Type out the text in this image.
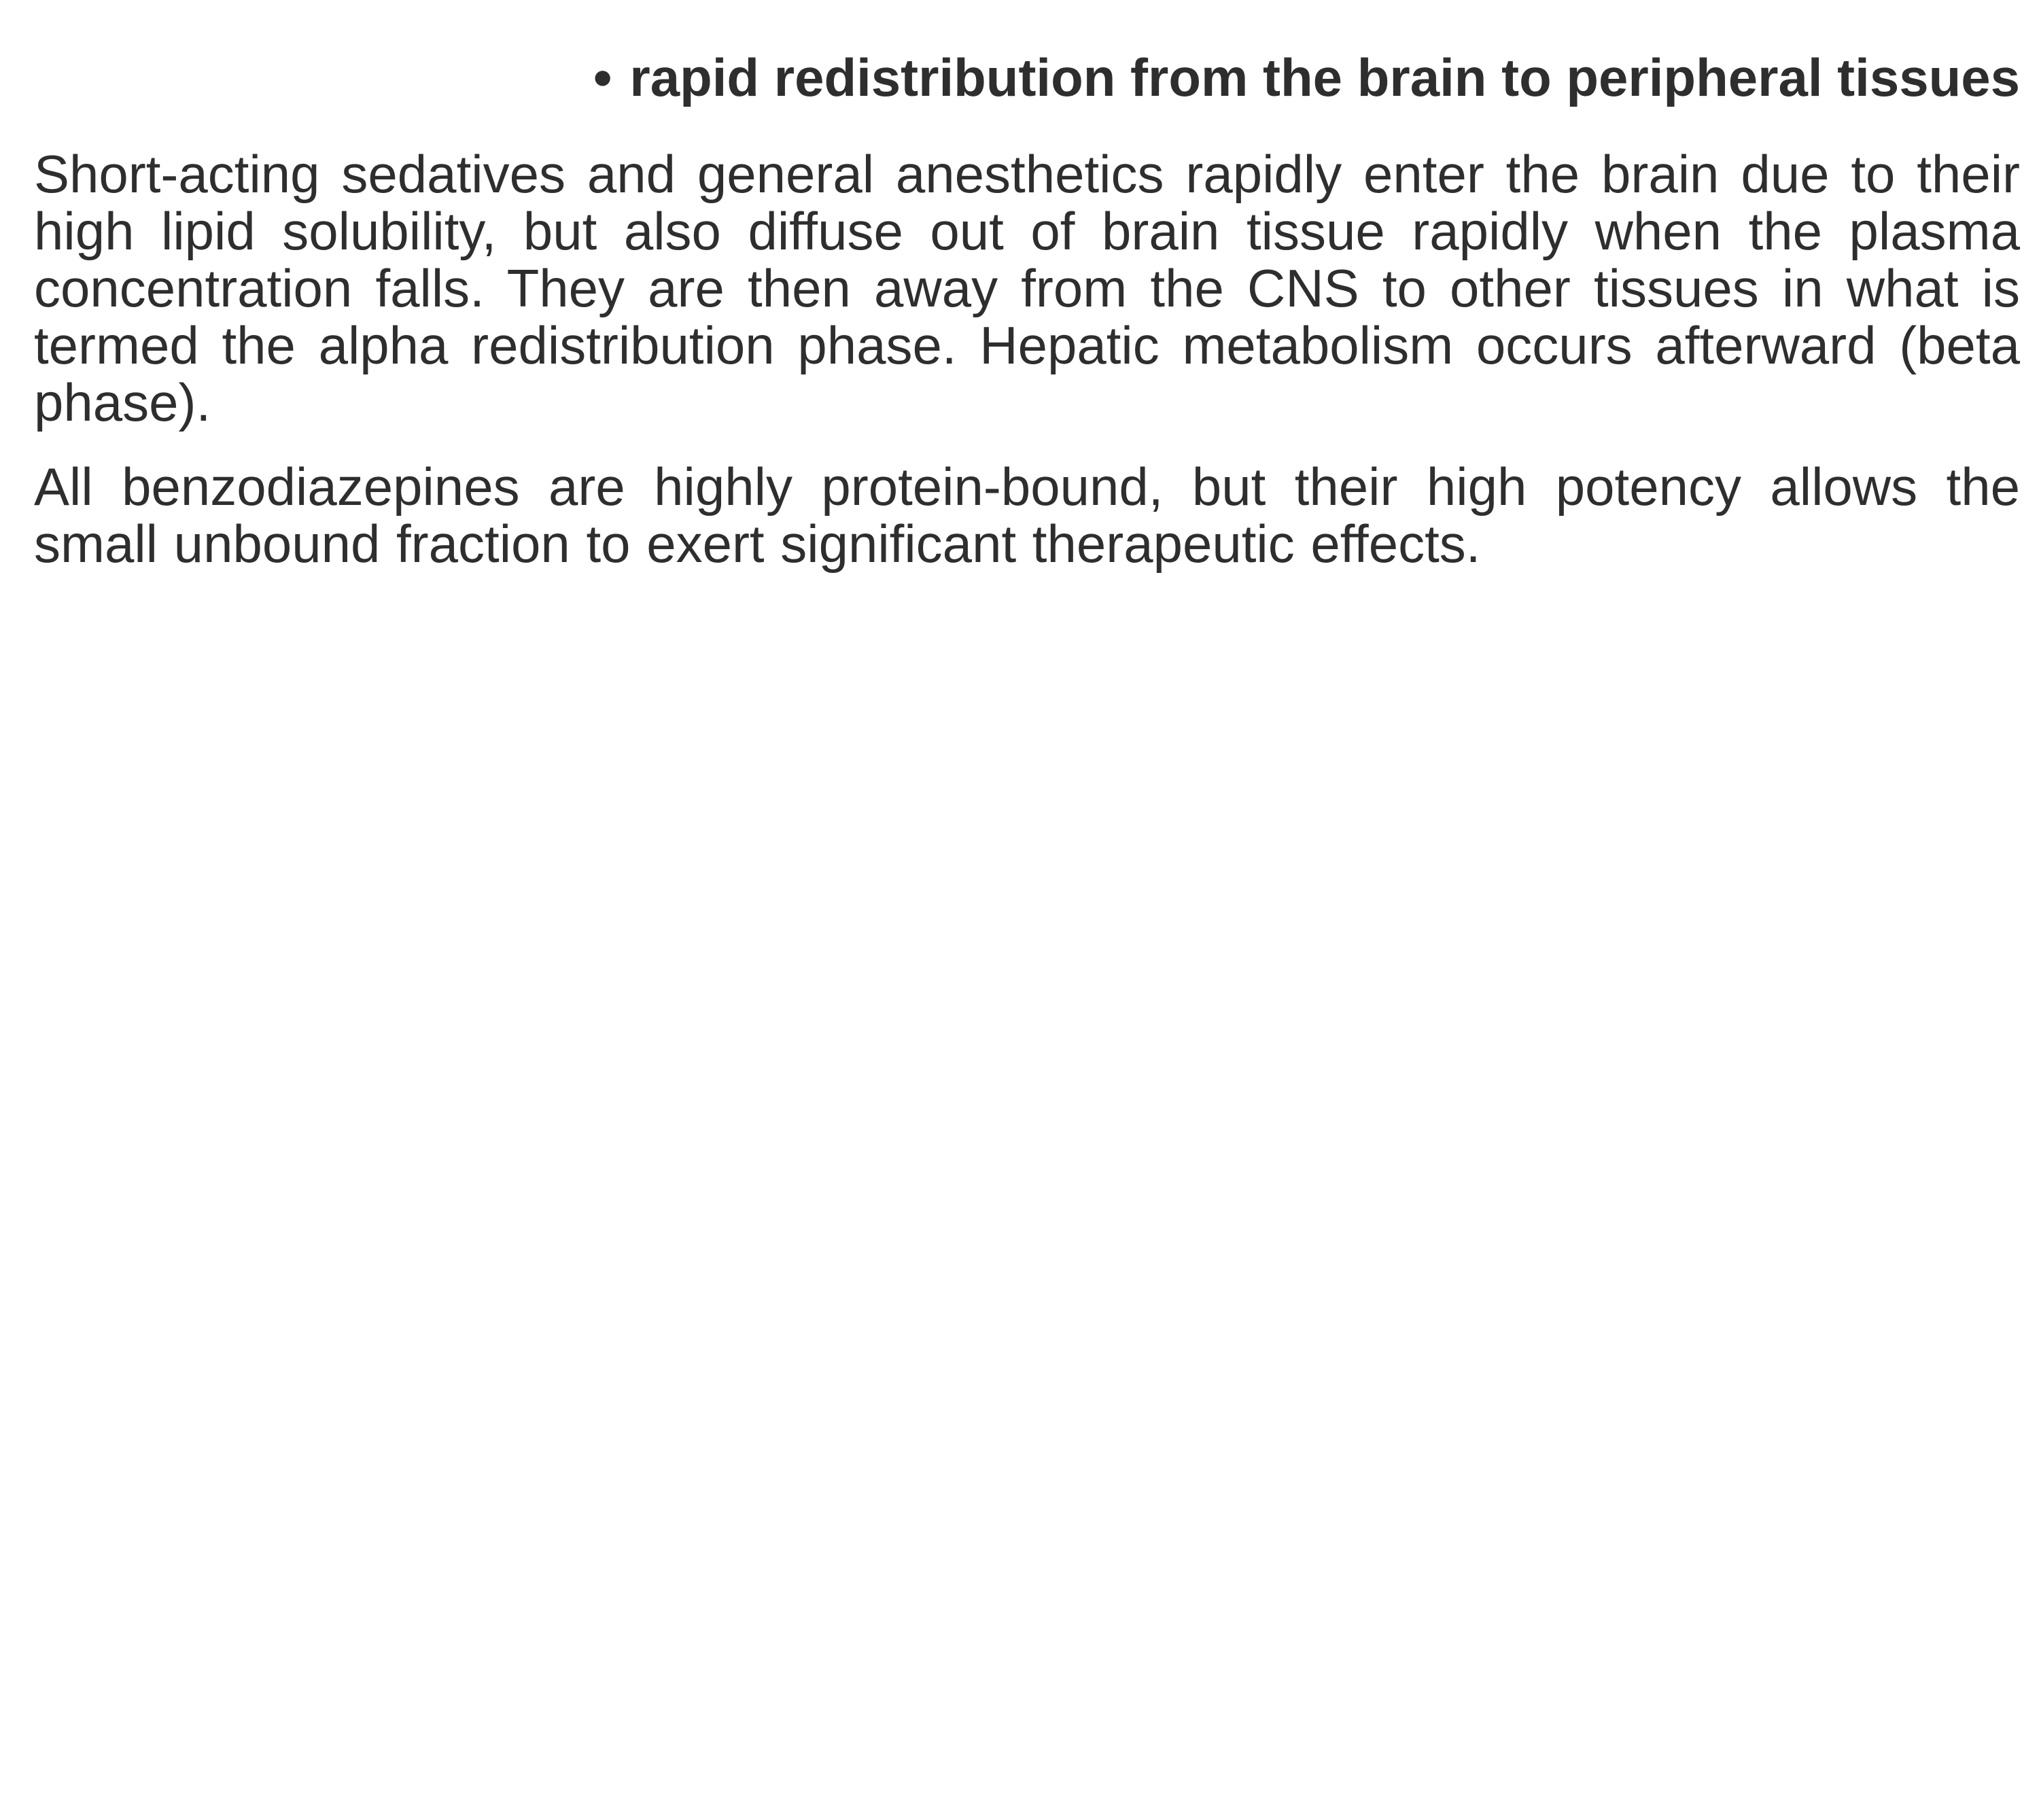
• rapid redistribution from the brain to peripheral tissues

Short-acting sedatives and general anesthetics rapidly enter the brain due to their high lipid solubility, but also diffuse out of brain tissue rapidly when the plasma concentration falls. They are then away from the CNS to other tissues in what is termed the alpha redistribution phase. Hepatic metabolism occurs afterward (beta phase).

All benzodiazepines are highly protein-bound, but their high potency allows the small unbound fraction to exert significant therapeutic effects.
